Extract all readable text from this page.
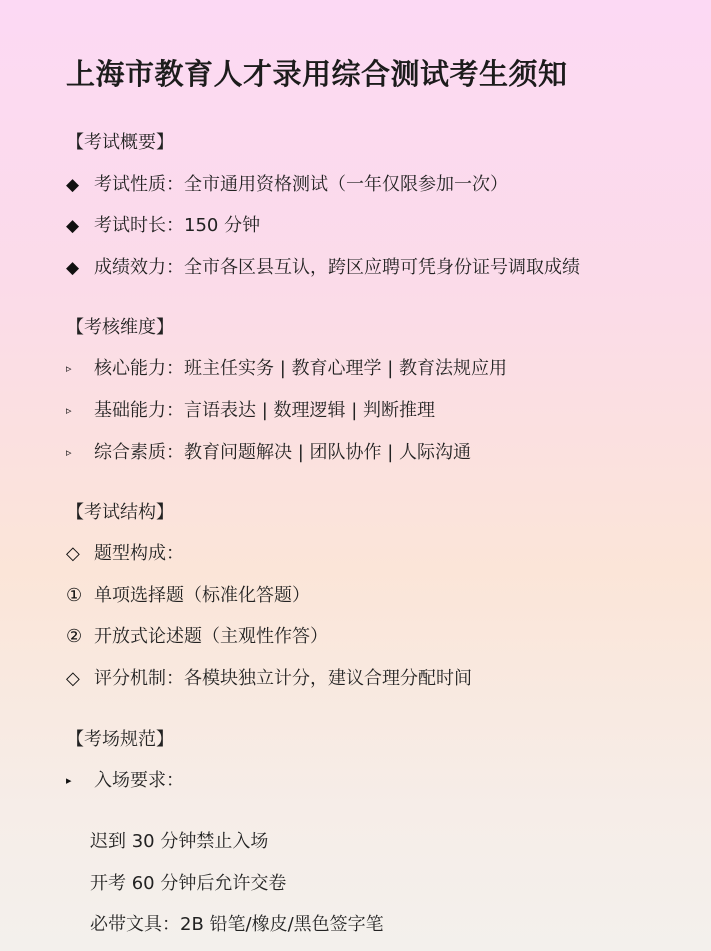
上海市教育人才录用综合测试考生须知
【考试概要】
◆ 考试性质：全市通用资格测试（一年仅限参加一次）
◆ 考试时长：150 分钟
◆ 成绩效力：全市各区县互认，跨区应聘可凭身份证号调取成绩
【考核维度】
▹	核心能力：班主任实务 | 教育心理学 | 教育法规应用
▹	基础能力：言语表达 | 数理逻辑 | 判断推理
▹	综合素质：教育问题解决 | 团队协作 | 人际沟通
【考试结构】
◇ 题型构成：
① 单项选择题（标准化答题）
② 开放式论述题（主观性作答）
◇ 评分机制：各模块独立计分，建议合理分配时间
【考场规范】
▸	入场要求：
迟到 30 分钟禁止入场
开考 60 分钟后允许交卷
必带文具：2B 铅笔/橡皮/黑色签字笔
